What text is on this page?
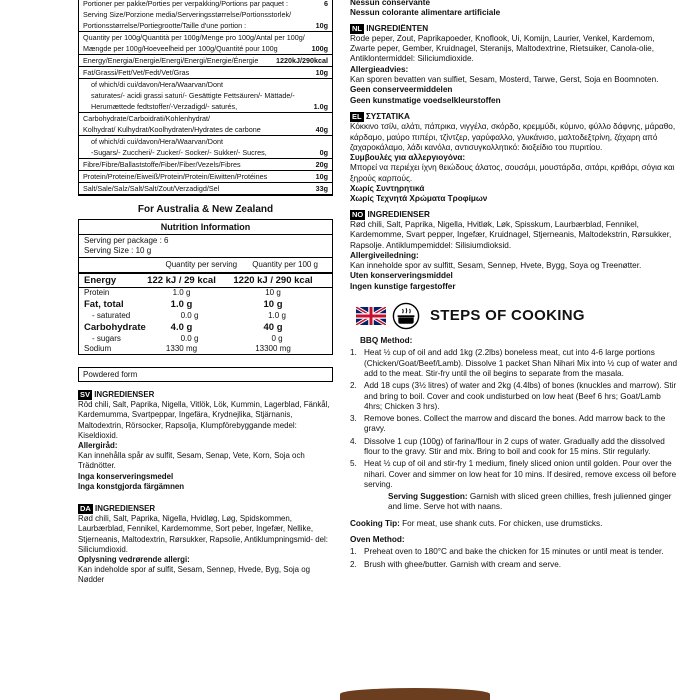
Portioner per pakke/Porties per verpakking/Portions par paquet :	6
Serving Size/Porzione media/Serveringsstørrelse/Portionsstorlek/
Portionsstørrelse/Portiegrootte/Taille d'une portion :	10g
Quantity per 100g/Quantità per 100g/Menge pro 100g/Antal per 100g/
Mængde per 100g/Hoeveelheid per 100g/Quantité pour 100g	100g
Energy/Energia/Energie/Energi/Energi/Energie/Énergie	1220kJ/290kcal
Fat/Grassi/Fett/Vet/Fedt/Vet/Gras	10g
of which/di cui/davon/Hera/Waarvan/Dont
saturates/- acidi grassi saturi/- Gesättigte Fettsäuren/- Mättade/-
Herumættede fedtstoffer/-Verzadigd/- saturés,	1.0g
Carbohydrate/Carboidrati/Kohlenhydrat/
Kolhydrat/ Kulhydrat/Koolhydraten/Hydrates de carbone	40g
of which/di cui/davon/Hera/Waarvan/Dont
-Sugars/- Zuccheri/- Zucker/- Socker/- Sukker/- Sucres,	0g
Fibre/Fibre/Ballaststoffe/Fiber/Fiber/Vezels/Fibres	20g
Protein/Proteine/Eiweiß/Protein/Protein/Eiwitten/Protéines	10g
Salt/Sale/Salz/Salt/Salt/Zout/Verzadigd/Sel	33g
For Australia & New Zealand
Nutrition Information
Serving per package : 6
Serving Size : 10 g
Quantity per serving	Quantity per 100 g
Energy	122 kJ / 29 kcal	1220 kJ / 290 kcal
Protein	1.0 g	10 g
Fat, total	1.0 g	10 g
- saturated	0.0 g	1.0 g
Carbohydrate	4.0 g	40 g
- sugars	0.0 g	0 g
Sodium	1330 mg	13300 mg
Powdered form
SV INGREDIENSER
Röd chili, Salt, Paprika, Nigella, Vitlök, Lök, Kummin, Lagerblad, Fänkål, Kardemumma, Svartpeppar, Ingefära, Krydnejlika, Stjärnanis, Maltodextrin, Rörsocker, Rapsolja, Klumpförebyggande medel: Kiseldioxid.
Allergiråd:
Kan innehålla spår av sulfit, Sesam, Senap, Vete, Korn, Soja och Trädnötter.
Inga konserveringsmedel
Inga konstgjorda färgämnen
DA INGREDIENSER
Rød chili, Salt, Paprika, Nigella, Hvidløg, Løg, Spidskommen, Laurbærblad, Fennikel, Kardemomme, Sort peber, Ingefær, Nellike, Stjerneanis, Maltodextrin, Rørsukker, Rapsolie, Antiklumpningsmid- del: Siliciumdioxid.
Oplysning vedrørende allergi:
Kan indeholde spor af sulfit, Sesam, Sennep, Hvede, Byg, Soja og Nødder
Nessun conservante
Nessun colorante alimentare artificiale
NL INGREDIËNTEN
Rode peper, Zout, Paprikapoeder, Knoflook, Ui, Komijn, Laurier, Venkel, Kardemom, Zwarte peper, Gember, Kruidnagel, Steranijs, Maltodextrine, Rietsuiker, Canola-olie, Antiklontermiddel: Siliciumdioxide.
Allergieadvies:
Kan sporen bevatten van sulfiet, Sesam, Mosterd, Tarwe, Gerst, Soja en Boomnoten.
Geen conserveermiddelen
Geen kunstmatige voedselkleurstoffen
EL ΣΥΣΤΑΤΙΚΑ
Κόκκινο τσίλι, αλάτι, πάπρικα, νιγγέλα, σκόρδο, κρεμμύδι, κύμινο, φύλλο δάφνης, μάραθο, κάρδαμο, μαύρο πιπέρι, τζίντζερ, γαρύφαλλο, γλυκάνισο, μαλτοδεξτρίνη, ζάχαρη από ζαχαροκάλαμο, λάδι κανόλα, αντισυγκολλητικό: διοξείδιο του πυριτίου.
Συμβουλές για αλλεργιογόνα:
Μπορεί να περιέχει ίχνη θειώδους άλατος, σουσάμι, μουστάρδα, σιτάρι, κριθάρι, σόγια και ξηρούς καρπούς.
Χωρίς Συντηρητικά
Χωρίς Τεχνητά Χρώματα Τροφίμων
NO INGREDIENSER
Rød chili, Salt, Paprika, Nigella, Hvitløk, Løk, Spisskum, Laurbærblad, Fennikel, Kardemomme, Svart pepper, Ingefær, Kruidnagel, Stjerneanis, Maltodekstrin, Rørsukker, Rapsolje. Antiklumpemiddel: Silisiumdioksid.
Allergiveiledning:
Kan inneholde spor av sulfitt, Sesam, Sennep, Hvete, Bygg, Soya og Treenøtter.
Uten konserveringsmiddel
Ingen kunstige fargestoffer
STEPS OF COOKING
BBQ Method:
1. Heat ½ cup of oil and add 1kg (2.2lbs) boneless meat, cut into 4-6 large portions (Chicken/Goat/Beef/Lamb). Dissolve 1 packet Shan Nihari Mix into ½ cup of water and add to the meat. Stir-fry until the oil begins to separate from the masala.
2. Add 18 cups (3½ litres) of water and 2kg (4.4lbs) of bones (knuckles and marrow). Stir and bring to boil. Cover and cook undisturbed on low heat (Beef 6 hrs; Goat/Lamb 4hrs; Chicken 3 hrs).
3. Remove bones. Collect the marrow and discard the bones. Add marrow back to the gravy.
4. Dissolve 1 cup (100g) of farina/flour in 2 cups of water. Gradually add the dissolved flour to the gravy. Stir and mix. Bring to boil and cook for 15 mins. Stir regularly.
5. Heat ½ cup of oil and stir-fry 1 medium, finely sliced onion until golden. Pour over the nihari. Cover and simmer on low heat for 10 mins. If desired, remove excess oil before serving.
Serving Suggestion: Garnish with sliced green chillies, fresh julienned ginger and lime. Serve hot with naans.
Cooking Tip: For meat, use shank cuts. For chicken, use drumsticks.
Oven Method:
1. Preheat oven to 180°C and bake the chicken for 15 minutes or until meat is tender.
2. Brush with ghee/butter. Garnish with cream and serve.
